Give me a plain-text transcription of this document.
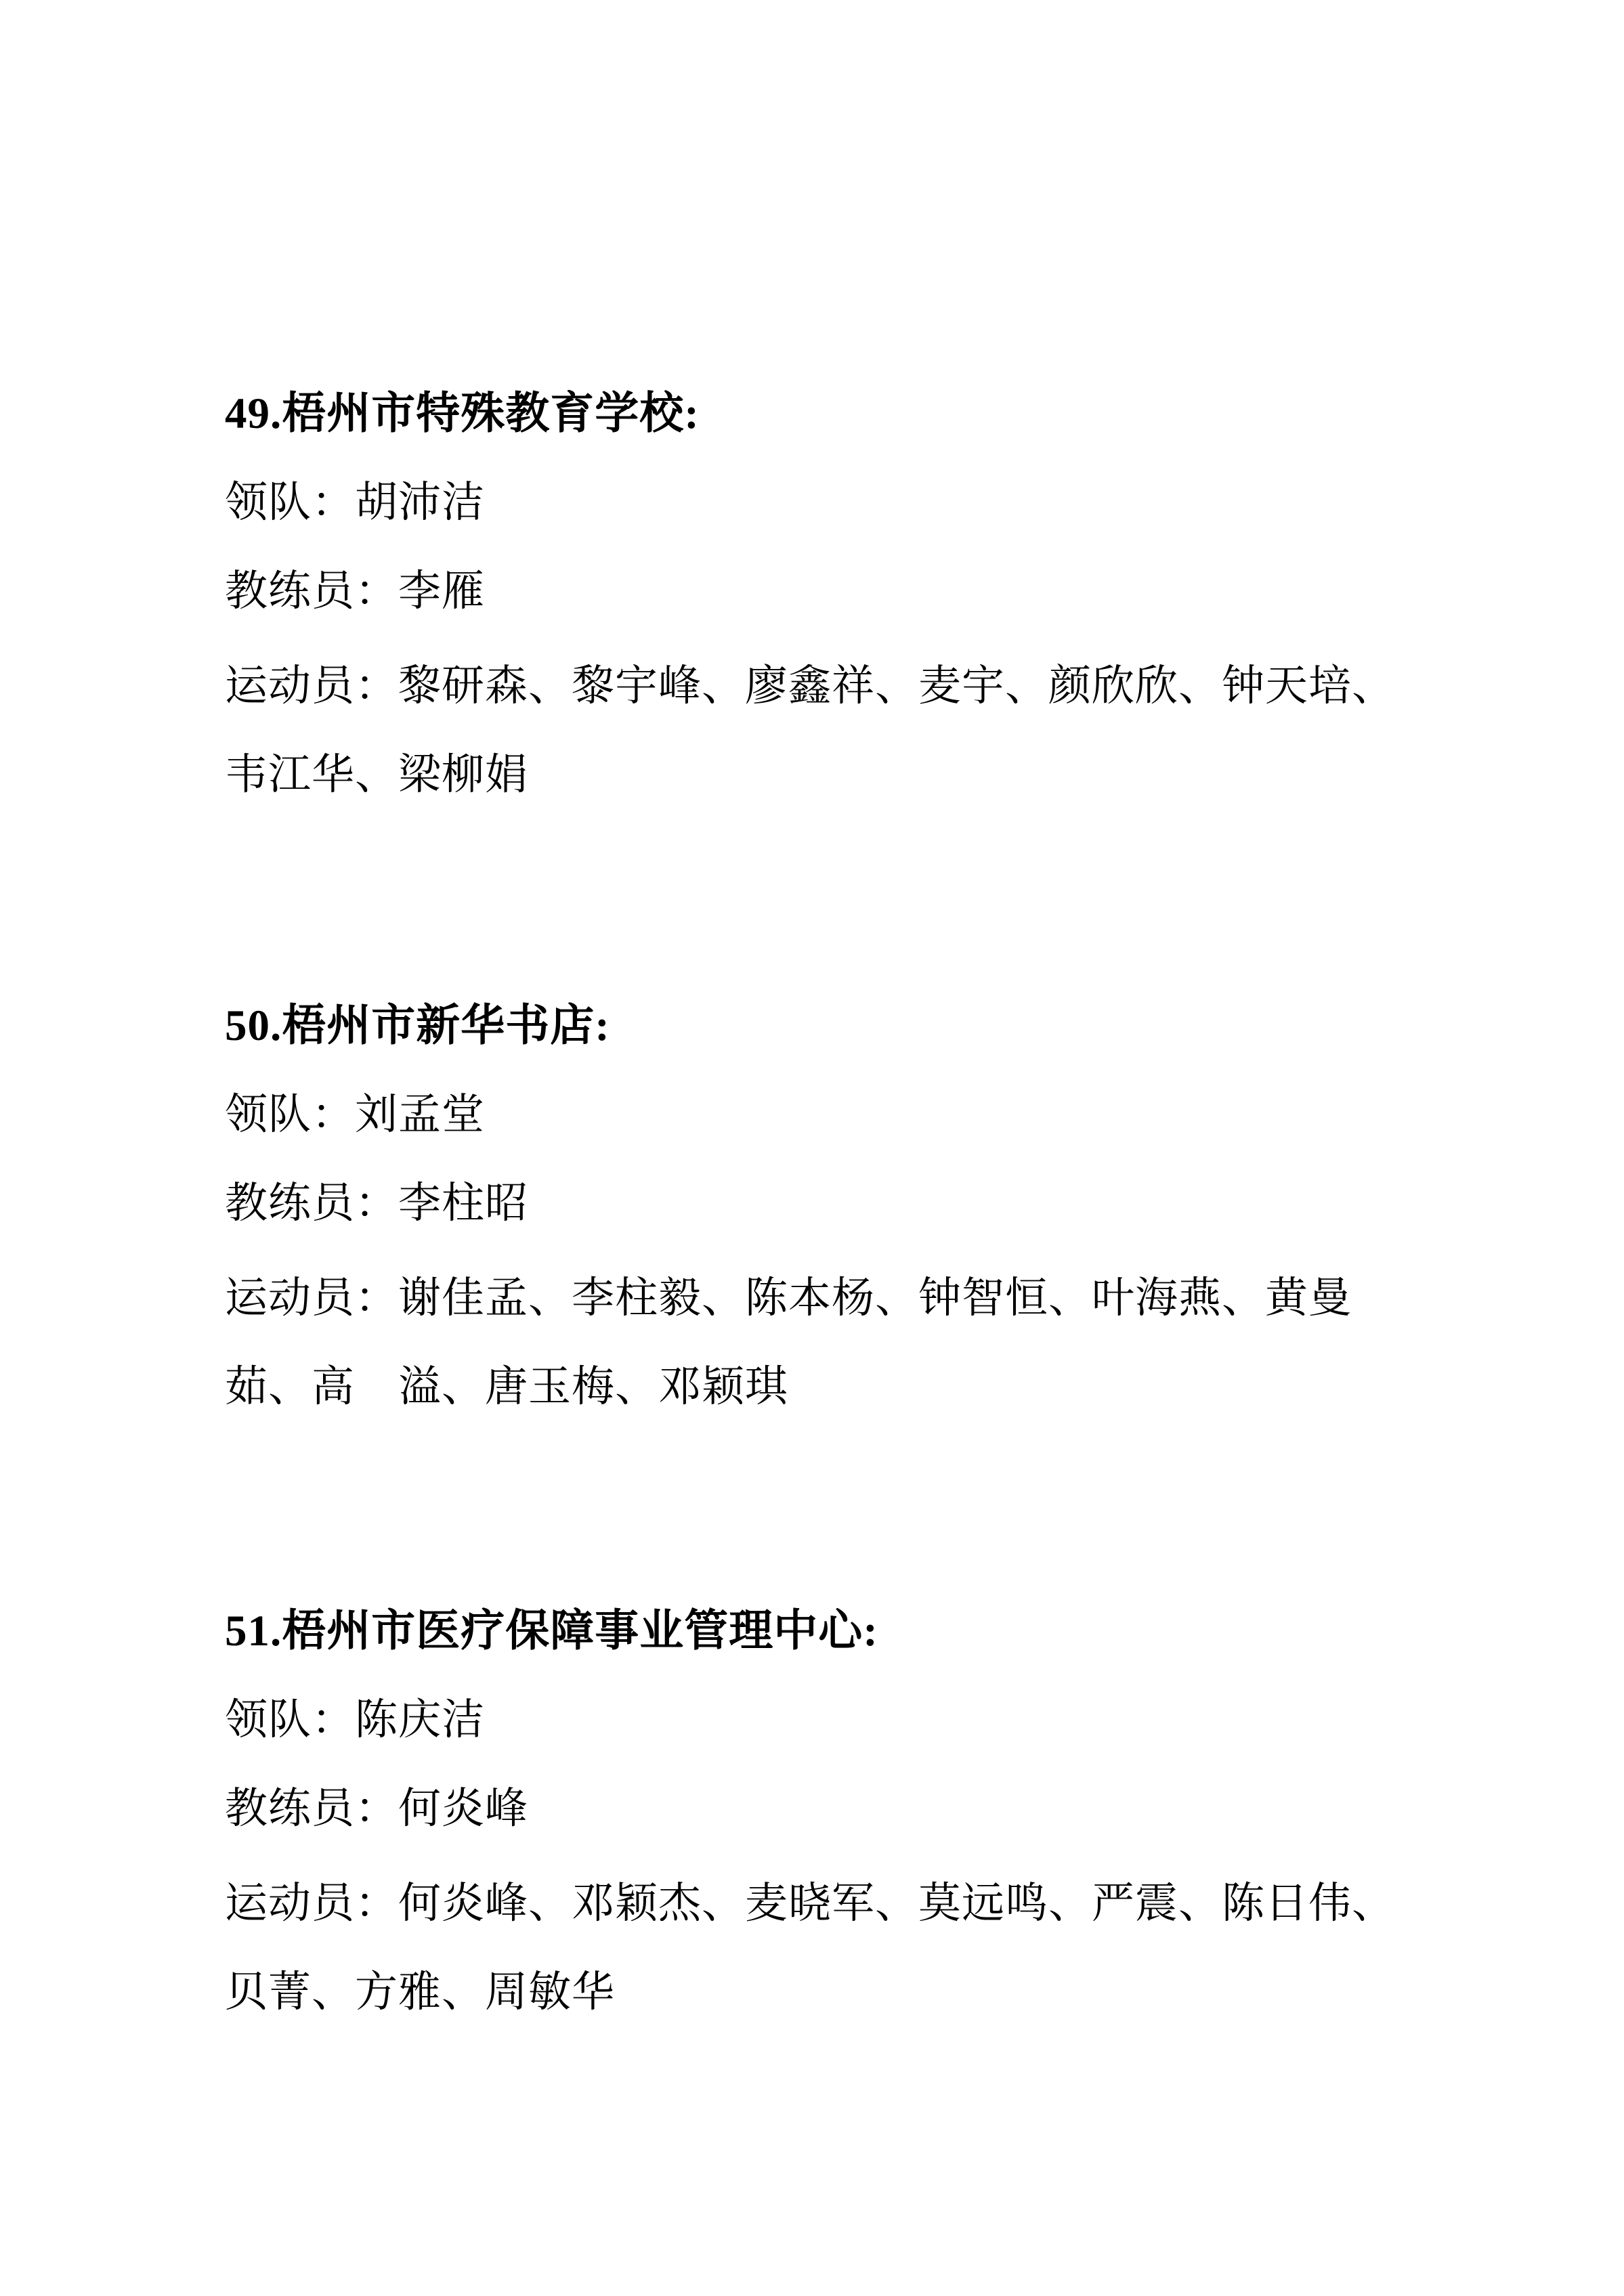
49.梧州市特殊教育学校:

领队：胡沛洁

教练员：李雁

运动员：黎研森、黎宇峰、廖鑫祥、麦宇、颜欣欣、钟天培、

韦江华、梁柳娟

50.梧州市新华书店:

领队：刘孟堂

教练员：李柱昭

运动员：谢佳孟、李柱毅、陈本杨、钟智恒、叶海燕、黄曼

茹、高　溢、唐玉梅、邓颖琪

51.梧州市医疗保障事业管理中心:

领队：陈庆洁

教练员：何炎峰

运动员：何炎峰、邓颖杰、麦晓军、莫远鸣、严震、陈日伟、

贝菁、方雅、周敏华
